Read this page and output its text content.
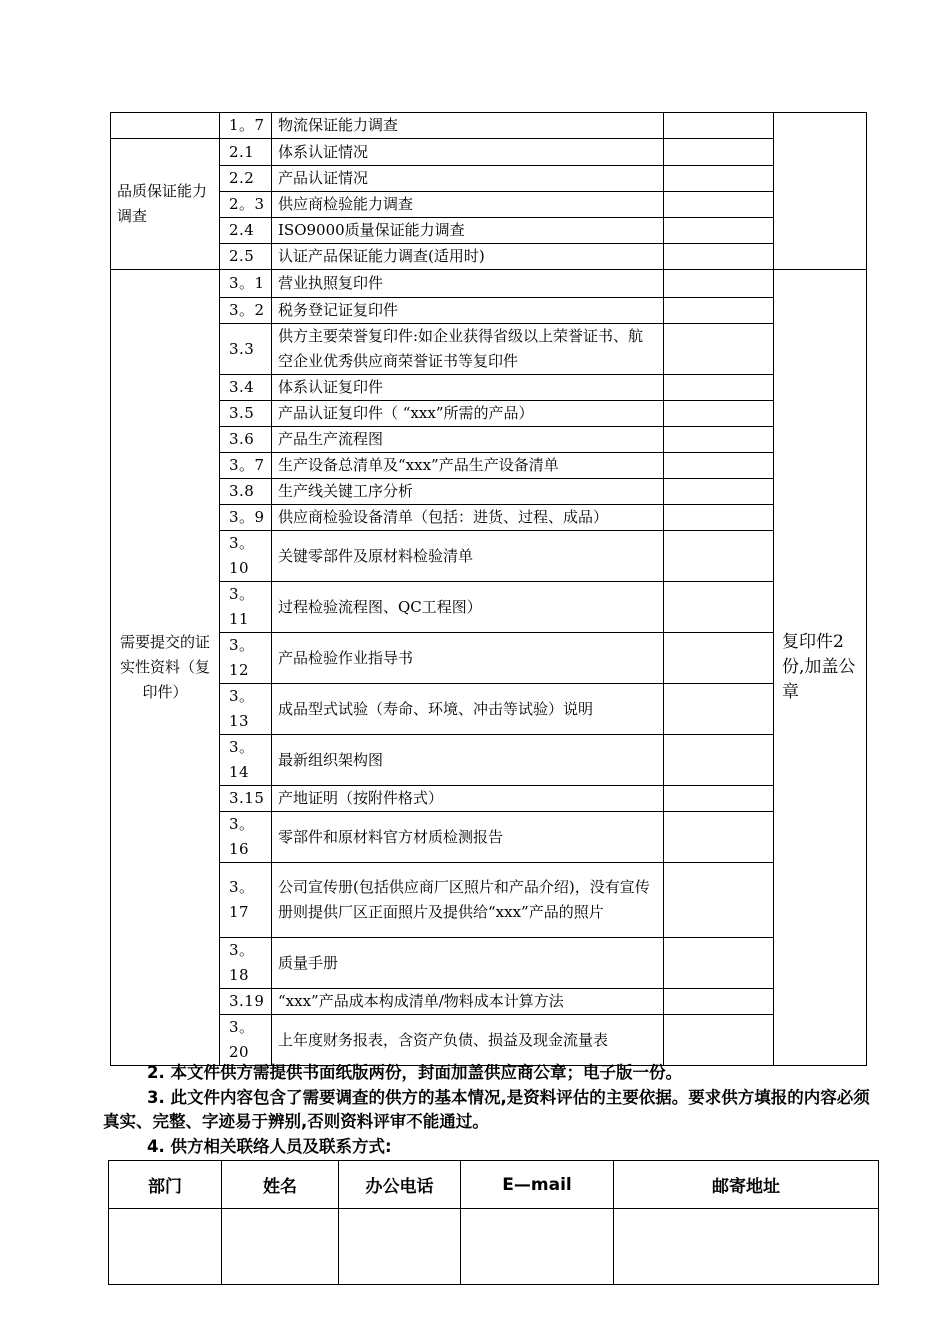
	1。7	物流保证能力调查		
品质保证能力调查	2.1	体系认证情况		
	2.2	产品认证情况		
	2。3	供应商检验能力调查		
	2.4	ISO9000质量保证能力调查		
	2.5	认证产品保证能力调查(适用时)		
需要提交的证实性资料（复印件）	3。1	营业执照复印件		复印件2份,加盖公章
	3。2	税务登记证复印件		
	3.3	供方主要荣誉复印件:如企业获得省级以上荣誉证书、航空企业优秀供应商荣誉证书等复印件		
	3.4	体系认证复印件		
	3.5	产品认证复印件（ “xxx”所需的产品）		
	3.6	产品生产流程图		
	3。7	生产设备总清单及“xxx”产品生产设备清单		
	3.8	生产线关键工序分析		
	3。9	供应商检验设备清单（包括：进货、过程、成品）		
	3。10	关键零部件及原材料检验清单		
	3。11	过程检验流程图、QC工程图）		
	3。12	产品检验作业指导书		
	3。13	成品型式试验（寿命、环境、冲击等试验）说明		
	3。14	最新组织架构图		
	3.15	产地证明（按附件格式）		
	3。16	零部件和原材料官方材质检测报告		
	3。17	公司宣传册(包括供应商厂区照片和产品介绍)，没有宣传册则提供厂区正面照片及提供给“xxx”产品的照片		
	3。18	质量手册		
	3.19	“xxx”产品成本构成清单/物料成本计算方法		
	3。20	上年度财务报表，含资产负债、损益及现金流量表		

2. 本文件供方需提供书面纸版两份，封面加盖供应商公章；电子版一份。

3. 此文件内容包含了需要调查的供方的基本情况,是资料评估的主要依据。要求供方填报的内容必须真实、完整、字迹易于辨别,否则资料评审不能通过。

4. 供方相关联络人员及联系方式:

部门	姓名	办公电话	E—mail	邮寄地址
